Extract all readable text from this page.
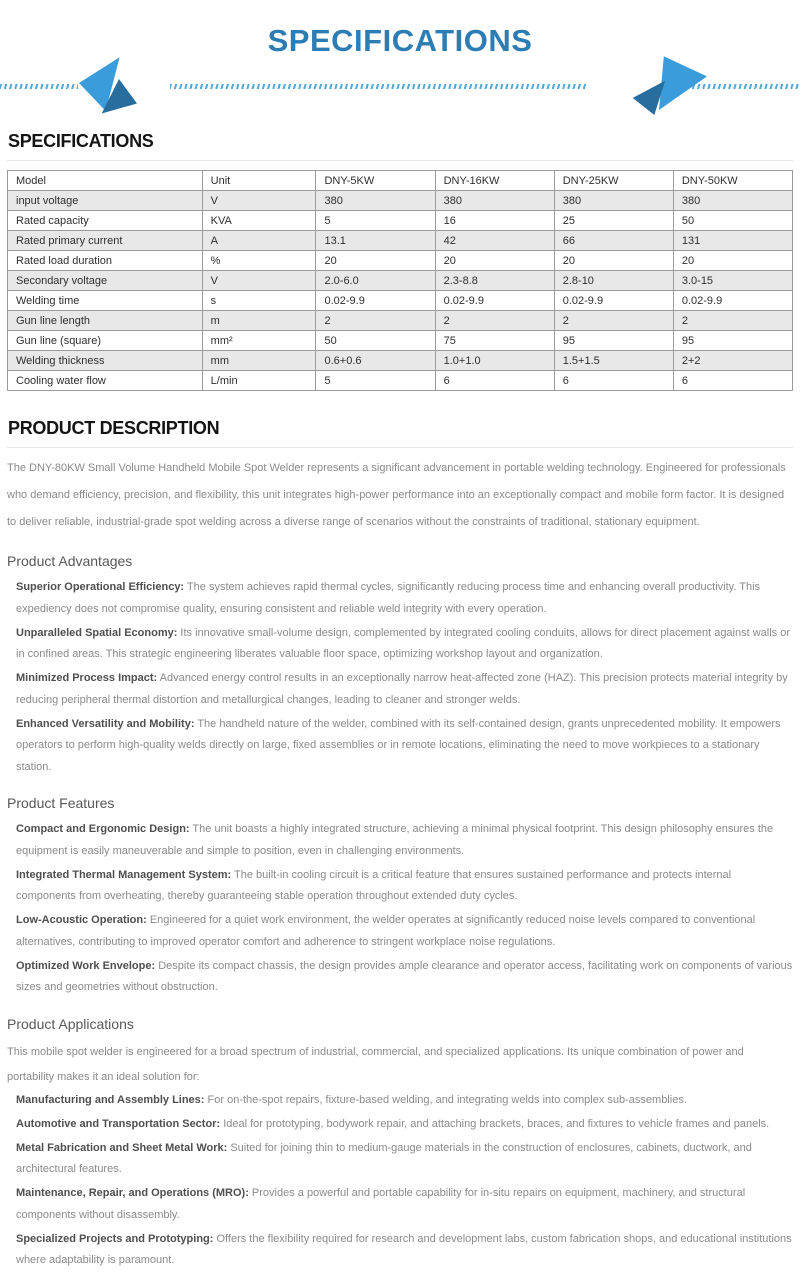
SPECIFICATIONS
SPECIFICATIONS
Model	Unit	DNY-5KW	DNY-16KW	DNY-25KW	DNY-50KW
input voltage	V	380	380	380	380
Rated capacity	KVA	5	16	25	50
Rated primary current	A	13.1	42	66	131
Rated load duration	%	20	20	20	20
Secondary voltage	V	2.0-6.0	2.3-8.8	2.8-10	3.0-15
Welding time	s	0.02-9.9	0.02-9.9	0.02-9.9	0.02-9.9
Gun line length	m	2	2	2	2
Gun line (square)	mm²	50	75	95	95
Welding thickness	mm	0.6+0.6	1.0+1.0	1.5+1.5	2+2
Cooling water flow	L/min	5	6	6	6
PRODUCT DESCRIPTION

The DNY-80KW Small Volume Handheld Mobile Spot Welder represents a significant advancement in portable welding technology. Engineered for professionals who demand efficiency, precision, and flexibility, this unit integrates high-power performance into an exceptionally compact and mobile form factor. It is designed to deliver reliable, industrial-grade spot welding across a diverse range of scenarios without the constraints of traditional, stationary equipment.

Product Advantages

Superior Operational Efficiency: The system achieves rapid thermal cycles, significantly reducing process time and enhancing overall productivity. This expediency does not compromise quality, ensuring consistent and reliable weld integrity with every operation.

Unparalleled Spatial Economy: Its innovative small-volume design, complemented by integrated cooling conduits, allows for direct placement against walls or in confined areas. This strategic engineering liberates valuable floor space, optimizing workshop layout and organization.

Minimized Process Impact: Advanced energy control results in an exceptionally narrow heat-affected zone (HAZ). This precision protects material integrity by reducing peripheral thermal distortion and metallurgical changes, leading to cleaner and stronger welds.

Enhanced Versatility and Mobility: The handheld nature of the welder, combined with its self-contained design, grants unprecedented mobility. It empowers operators to perform high-quality welds directly on large, fixed assemblies or in remote locations, eliminating the need to move workpieces to a stationary station.

Product Features

Compact and Ergonomic Design: The unit boasts a highly integrated structure, achieving a minimal physical footprint. This design philosophy ensures the equipment is easily maneuverable and simple to position, even in challenging environments.

Integrated Thermal Management System: The built-in cooling circuit is a critical feature that ensures sustained performance and protects internal components from overheating, thereby guaranteeing stable operation throughout extended duty cycles.

Low-Acoustic Operation: Engineered for a quiet work environment, the welder operates at significantly reduced noise levels compared to conventional alternatives, contributing to improved operator comfort and adherence to stringent workplace noise regulations.

Optimized Work Envelope: Despite its compact chassis, the design provides ample clearance and operator access, facilitating work on components of various sizes and geometries without obstruction.

Product Applications

This mobile spot welder is engineered for a broad spectrum of industrial, commercial, and specialized applications. Its unique combination of power and portability makes it an ideal solution for:

Manufacturing and Assembly Lines: For on-the-spot repairs, fixture-based welding, and integrating welds into complex sub-assemblies.

Automotive and Transportation Sector: Ideal for prototyping, bodywork repair, and attaching brackets, braces, and fixtures to vehicle frames and panels.

Metal Fabrication and Sheet Metal Work: Suited for joining thin to medium-gauge materials in the construction of enclosures, cabinets, ductwork, and architectural features.

Maintenance, Repair, and Operations (MRO): Provides a powerful and portable capability for in-situ repairs on equipment, machinery, and structural components without disassembly.

Specialized Projects and Prototyping: Offers the flexibility required for research and development labs, custom fabrication shops, and educational institutions where adaptability is paramount.
